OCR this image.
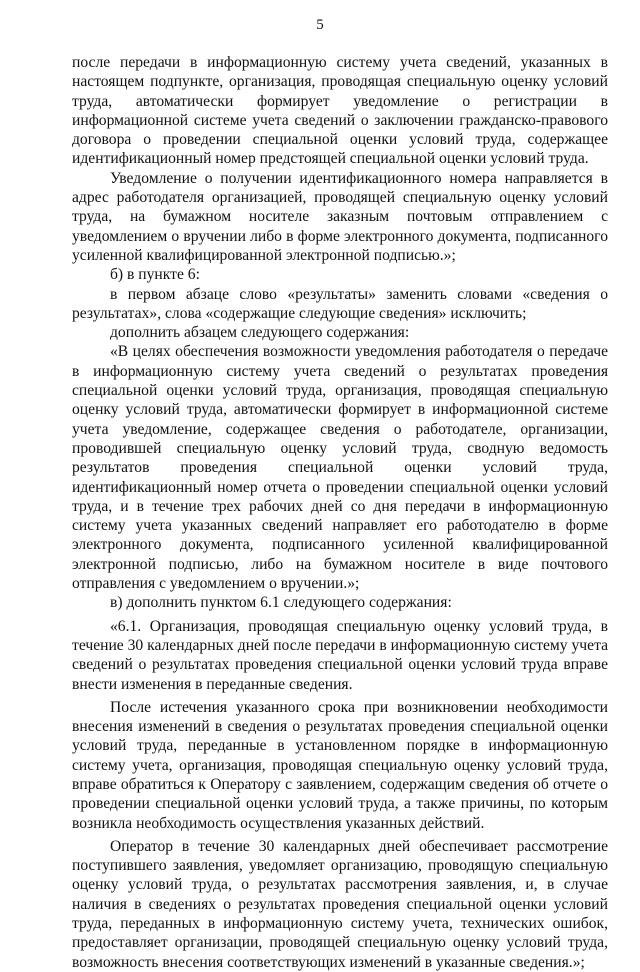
5

после передачи в информационную систему учета сведений, указанных в настоящем подпункте, организация, проводящая специальную оценку условий труда, автоматически формирует уведомление о регистрации в информационной системе учета сведений о заключении гражданско-правового договора о проведении специальной оценки условий труда, содержащее идентификационный номер предстоящей специальной оценки условий труда.

Уведомление о получении идентификационного номера направляется в адрес работодателя организацией, проводящей специальную оценку условий труда, на бумажном носителе заказным почтовым отправлением с уведомлением о вручении либо в форме электронного документа, подписанного усиленной квалифицированной электронной подписью.»;

б) в пункте 6:

в первом абзаце слово «результаты» заменить словами «сведения о результатах», слова «содержащие следующие сведения» исключить;

дополнить абзацем следующего содержания:

«В целях обеспечения возможности уведомления работодателя о передаче в информационную систему учета сведений о результатах проведения специальной оценки условий труда, организация, проводящая специальную оценку условий труда, автоматически формирует в информационной системе учета уведомление, содержащее сведения о работодателе, организации, проводившей специальную оценку условий труда, сводную ведомость результатов проведения специальной оценки условий труда, идентификационный номер отчета о проведении специальной оценки условий труда, и в течение трех рабочих дней со дня передачи в информационную систему учета указанных сведений направляет его работодателю в форме электронного документа, подписанного усиленной квалифицированной электронной подписью, либо на бумажном носителе в виде почтового отправления с уведомлением о вручении.»;

в) дополнить пунктом 6.1 следующего содержания:

«6.1. Организация, проводящая специальную оценку условий труда, в течение 30 календарных дней после передачи в информационную систему учета сведений о результатах проведения специальной оценки условий труда вправе внести изменения в переданные сведения.

После истечения указанного срока при возникновении необходимости внесения изменений в сведения о результатах проведения специальной оценки условий труда, переданные в установленном порядке в информационную систему учета, организация, проводящая специальную оценку условий труда, вправе обратиться к Оператору с заявлением, содержащим сведения об отчете о проведении специальной оценки условий труда, а также причины, по которым возникла необходимость осуществления указанных действий.

Оператор в течение 30 календарных дней обеспечивает рассмотрение поступившего заявления, уведомляет организацию, проводящую специальную оценку условий труда, о результатах рассмотрения заявления, и, в случае наличия в сведениях о результатах проведения специальной оценки условий труда, переданных в информационную систему учета, технических ошибок, предоставляет организации, проводящей специальную оценку условий труда, возможность внесения соответствующих изменений в указанные сведения.»;
